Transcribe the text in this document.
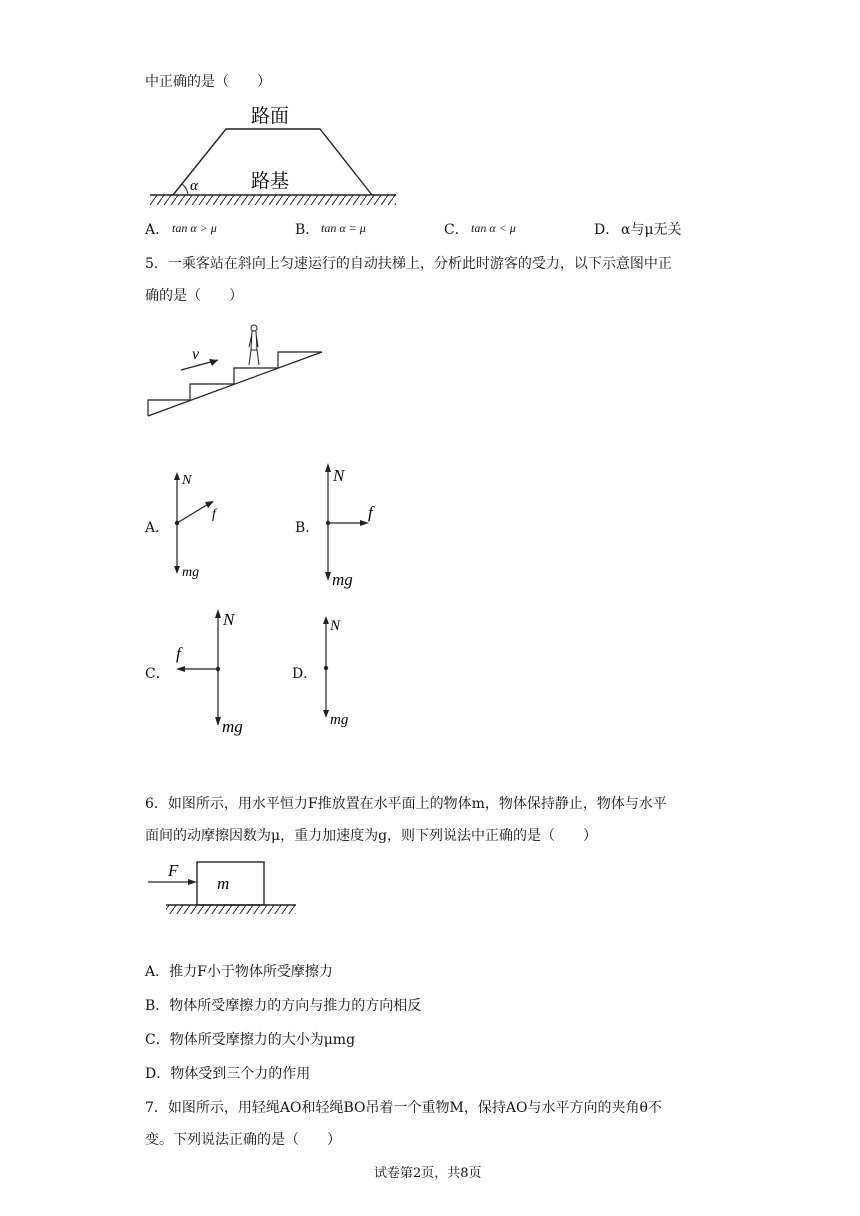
中正确的是（　　）
路面
路基
α
A． tan α > μ	B． tan α = μ	C． tan α < μ	D． α与μ无关
5．一乘客站在斜向上匀速运行的自动扶梯上，分析此时游客的受力，以下示意图中正
确的是（　　）
v
A．
N
f
mg
B．
N
f
mg
C．
N
f
mg
D．
N
mg
6．如图所示，用水平恒力F推放置在水平面上的物体m，物体保持静止，物体与水平
面间的动摩擦因数为μ，重力加速度为g，则下列说法中正确的是（　　）
F
m
A．推力F小于物体所受摩擦力
B．物体所受摩擦力的方向与推力的方向相反
C．物体所受摩擦力的大小为μmg
D．物体受到三个力的作用
7．如图所示，用轻绳AO和轻绳BO吊着一个重物M，保持AO与水平方向的夹角θ不
变。下列说法正确的是（　　）
试卷第2页，共8页
